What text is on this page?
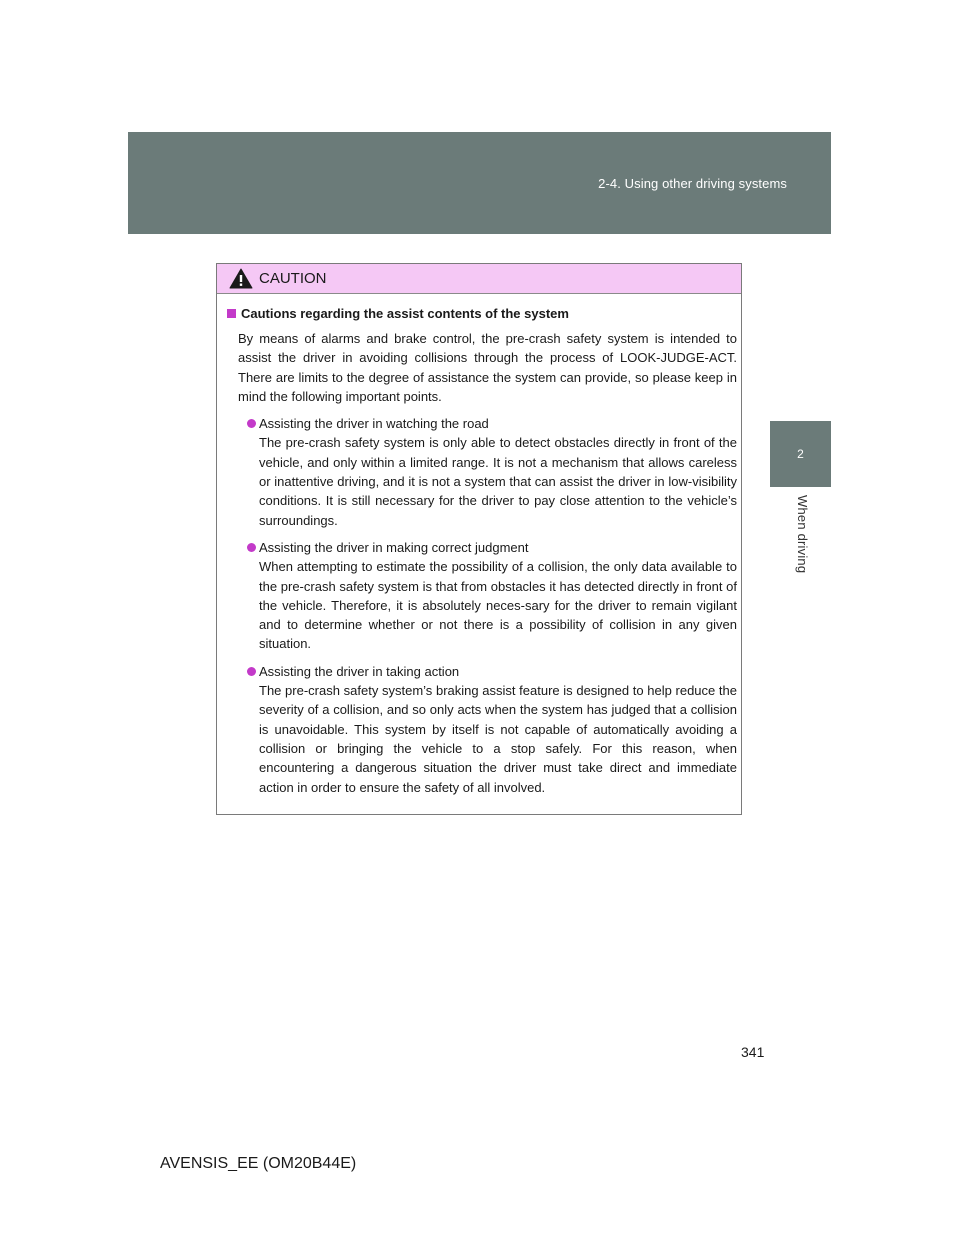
2-4. Using other driving systems
2
When driving
CAUTION
Cautions regarding the assist contents of the system

By means of alarms and brake control, the pre-crash safety system is intended to assist the driver in avoiding collisions through the process of LOOK-JUDGE-ACT. There are limits to the degree of assistance the system can provide, so please keep in mind the following important points.

Assisting the driver in watching the road
The pre-crash safety system is only able to detect obstacles directly in front of the vehicle, and only within a limited range. It is not a mechanism that allows careless or inattentive driving, and it is not a system that can assist the driver in low-visibility conditions. It is still necessary for the driver to pay close attention to the vehicle’s surroundings.
Assisting the driver in making correct judgment
When attempting to estimate the possibility of a collision, the only data available to the pre-crash safety system is that from obstacles it has detected directly in front of the vehicle. Therefore, it is absolutely neces-sary for the driver to remain vigilant and to determine whether or not there is a possibility of collision in any given situation.
Assisting the driver in taking action
The pre-crash safety system’s braking assist feature is designed to help reduce the severity of a collision, and so only acts when the system has judged that a collision is unavoidable. This system by itself is not capable of automatically avoiding a collision or bringing the vehicle to a stop safely. For this reason, when encountering a dangerous situation the driver must take direct and immediate action in order to ensure the safety of all involved.
341
AVENSIS_EE (OM20B44E)
